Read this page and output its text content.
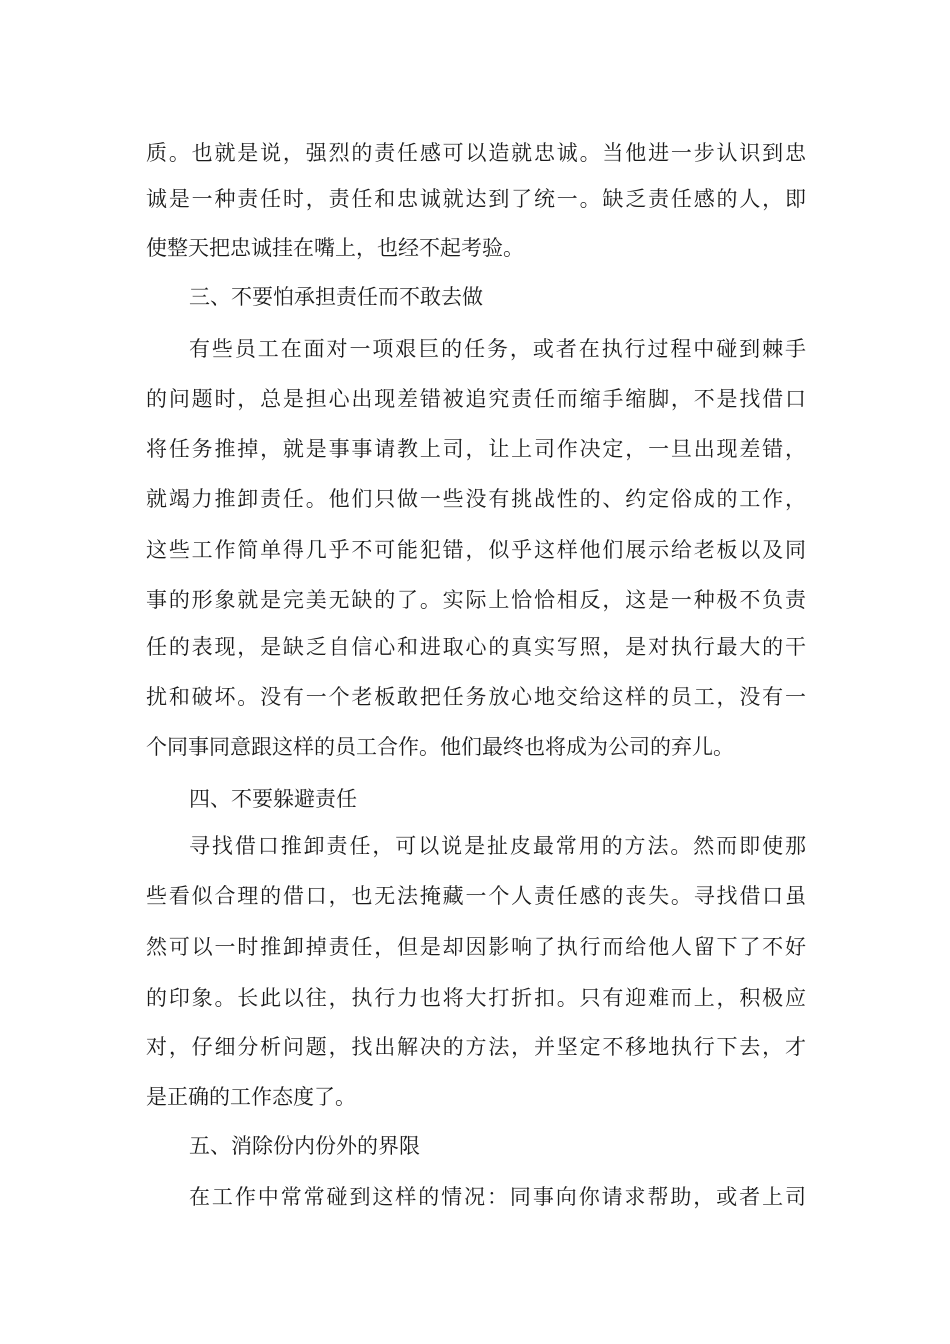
质。也就是说，强烈的责任感可以造就忠诚。当他进一步认识到忠
诚是一种责任时，责任和忠诚就达到了统一。缺乏责任感的人，即
使整天把忠诚挂在嘴上，也经不起考验。
三、不要怕承担责任而不敢去做
有些员工在面对一项艰巨的任务，或者在执行过程中碰到棘手
的问题时，总是担心出现差错被追究责任而缩手缩脚，不是找借口
将任务推掉，就是事事请教上司，让上司作决定，一旦出现差错，
就竭力推卸责任。他们只做一些没有挑战性的、约定俗成的工作，
这些工作简单得几乎不可能犯错，似乎这样他们展示给老板以及同
事的形象就是完美无缺的了。实际上恰恰相反，这是一种极不负责
任的表现，是缺乏自信心和进取心的真实写照，是对执行最大的干
扰和破坏。没有一个老板敢把任务放心地交给这样的员工，没有一
个同事同意跟这样的员工合作。他们最终也将成为公司的弃儿。
四、不要躲避责任
寻找借口推卸责任，可以说是扯皮最常用的方法。然而即使那
些看似合理的借口，也无法掩藏一个人责任感的丧失。寻找借口虽
然可以一时推卸掉责任，但是却因影响了执行而给他人留下了不好
的印象。长此以往，执行力也将大打折扣。只有迎难而上，积极应
对，仔细分析问题，找出解决的方法，并坚定不移地执行下去，才
是正确的工作态度了。
五、消除份内份外的界限
在工作中常常碰到这样的情况：同事向你请求帮助，或者上司
